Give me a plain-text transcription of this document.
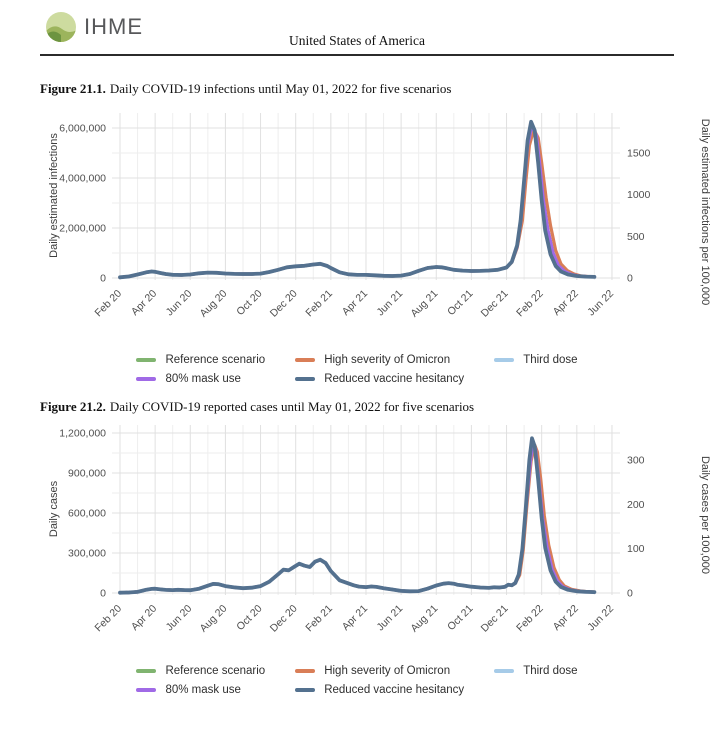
IHME
United States of America
Figure 21.1. Daily COVID-19 infections until May 01, 2022 for five scenarios
0
2,000,000
4,000,000
6,000,000
0
500
1000
1500
Feb 20 Apr 20 Jun 20 Aug 20 Oct 20 Dec 20 Feb 21 Apr 21 Jun 21 Aug 21 Oct 21 Dec 21 Feb 22 Apr 22 Jun 22
Daily estimated infections	Daily estimated infections per 100,000
Reference scenario	High severity of Omicron	Third dose
80% mask use	Reduced vaccine hesitancy
Figure 21.2. Daily COVID-19 reported cases until May 01, 2022 for five scenarios
0
300,000
600,000
900,000
1,200,000
0
100
200
300
Feb 20 Apr 20 Jun 20 Aug 20 Oct 20 Dec 20 Feb 21 Apr 21 Jun 21 Aug 21 Oct 21 Dec 21 Feb 22 Apr 22 Jun 22
Daily cases	Daily cases per 100,000
Reference scenario	High severity of Omicron	Third dose
80% mask use	Reduced vaccine hesitancy
